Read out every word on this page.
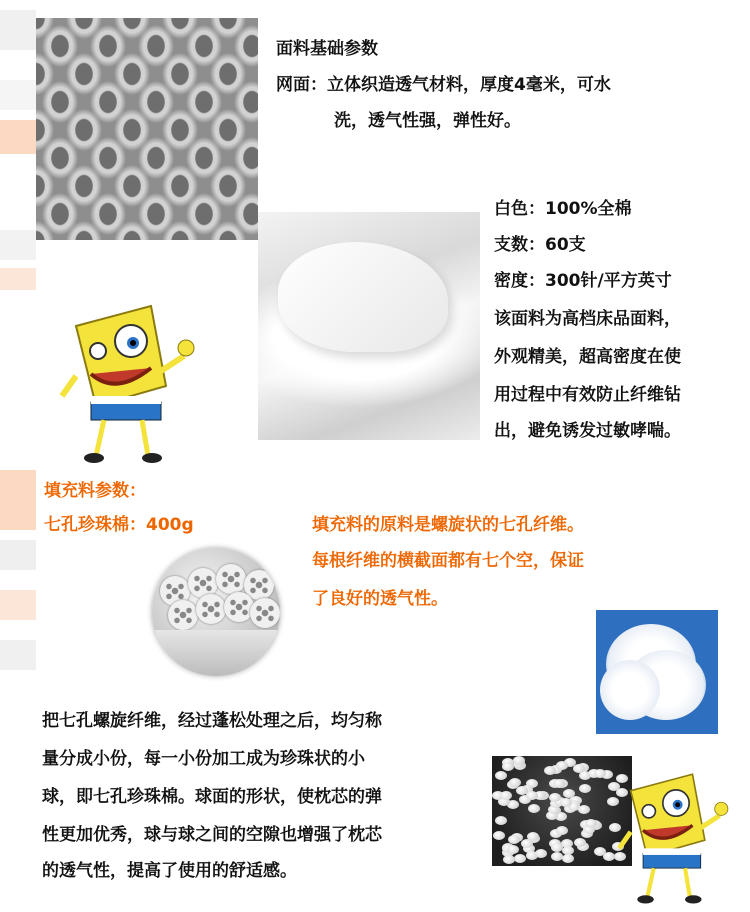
面料基础参数
网面：立体织造透气材料，厚度4毫米，可水
洗，透气性强，弹性好。
白色：100%全棉
支数：60支
密度：300针/平方英寸
该面料为高档床品面料，
外观精美，超高密度在使
用过程中有效防止纤维钻
出，避免诱发过敏哮喘。
填充料参数：
七孔珍珠棉：400g	填充料的原料是螺旋状的七孔纤维。
每根纤维的横截面都有七个空，保证
了良好的透气性。
把七孔螺旋纤维，经过蓬松处理之后，均匀称
量分成小份，每一小份加工成为珍珠状的小
球，即七孔珍珠棉。球面的形状，使枕芯的弹
性更加优秀，球与球之间的空隙也增强了枕芯
的透气性，提高了使用的舒适感。
